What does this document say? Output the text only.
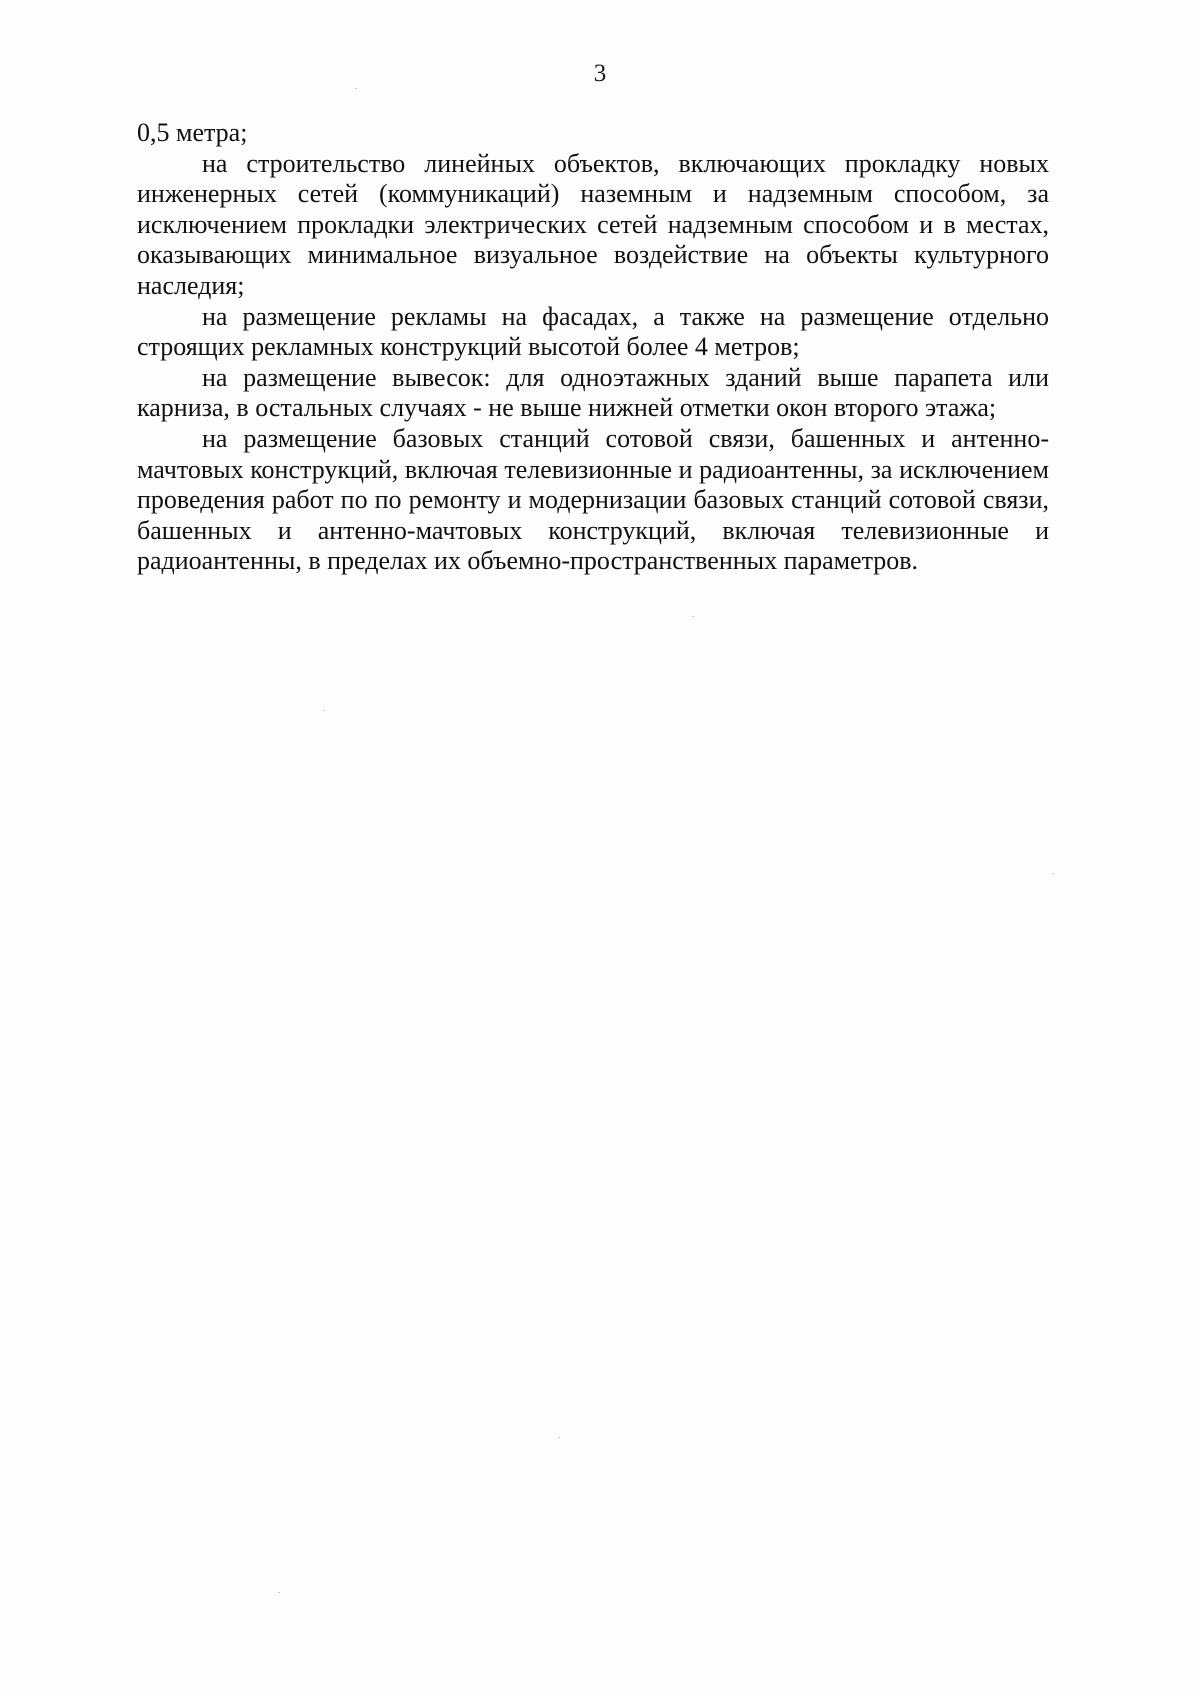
3

0,5 метра;

на строительство линейных объектов, включающих прокладку новых инженерных сетей (коммуникаций) наземным и надземным способом, за исключением прокладки электрических сетей надземным способом и в местах, оказывающих минимальное визуальное воздействие на объекты культурного наследия;

на размещение рекламы на фасадах, а также на размещение отдельно строящих рекламных конструкций высотой более 4 метров;

на размещение вывесок: для одноэтажных зданий выше парапета или карниза, в остальных случаях - не выше нижней отметки окон второго этажа;

на размещение базовых станций сотовой связи, башенных и антенно-мачтовых конструкций, включая телевизионные и радиоантенны, за исключением проведения работ по по ремонту и модернизации базовых станций сотовой связи, башенных и антенно-мачтовых конструкций, включая телевизионные и радиоантенны, в пределах их объемно-пространственных параметров.
